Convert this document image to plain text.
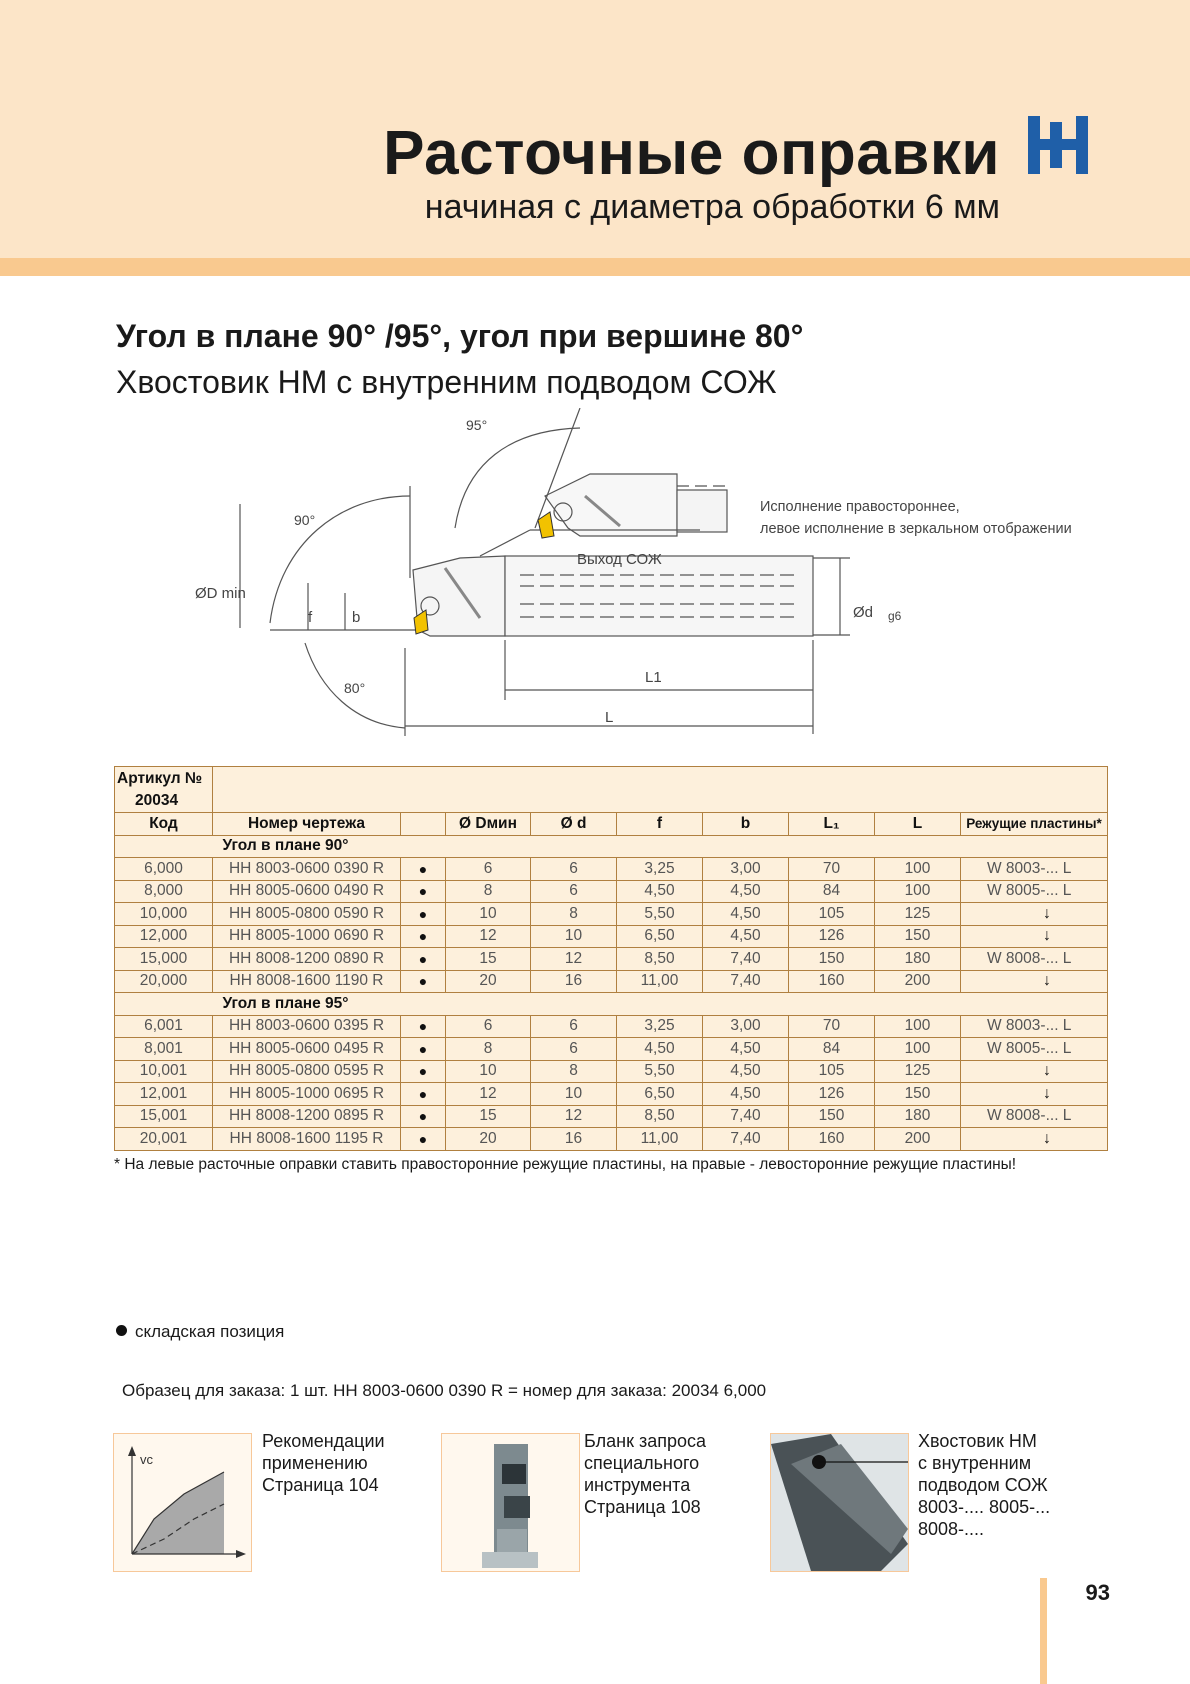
Расточные оправки
начиная с диаметра обработки 6 мм
Угол в плане 90° /95°, угол при вершине 80°
Хвостовик HM с внутренним подводом СОЖ
95°
90°
80°
ØD min
f	b	Ød g6
L1
L
Выход СОЖ
Исполнение правостороннее,
левое исполнение в зеркальном отображении
Артикул №
20034									
Код	Номер чертежа		Ø Dмин	Ø d	f	b	L₁	L	Режущие пластины*
	Угол в плане 90°								
6,000	HH 8003-0600 0390 R	●	6	6	3,25	3,00	70	100	W 8003-... L
8,000	HH 8005-0600 0490 R	●	8	6	4,50	4,50	84	100	W 8005-... L
10,000	HH 8005-0800 0590 R	●	10	8	5,50	4,50	105	125	↓
12,000	HH 8005-1000 0690 R	●	12	10	6,50	4,50	126	150	↓
15,000	HH 8008-1200 0890 R	●	15	12	8,50	7,40	150	180	W 8008-... L
20,000	HH 8008-1600 1190 R	●	20	16	11,00	7,40	160	200	↓
	Угол в плане 95°								
6,001	HH 8003-0600 0395 R	●	6	6	3,25	3,00	70	100	W 8003-... L
8,001	HH 8005-0600 0495 R	●	8	6	4,50	4,50	84	100	W 8005-... L
10,001	HH 8005-0800 0595 R	●	10	8	5,50	4,50	105	125	↓
12,001	HH 8005-1000 0695 R	●	12	10	6,50	4,50	126	150	↓
15,001	HH 8008-1200 0895 R	●	15	12	8,50	7,40	150	180	W 8008-... L
20,001	HH 8008-1600 1195 R	●	20	16	11,00	7,40	160	200	↓
* На левые расточные оправки ставить правосторонние режущие пластины, на правые - левосторонние режущие пластины!
складская позиция
Образец для заказа: 1 шт. HH 8003-0600 0390 R = номер для заказа: 20034 6,000
vc
Рекомендации
применению
Страница 104
Бланк запроса
специального
инструмента
Страница 108
Хвостовик HM
с внутренним
подводом СОЖ
8003-.... 8005-...
8008-....
93
